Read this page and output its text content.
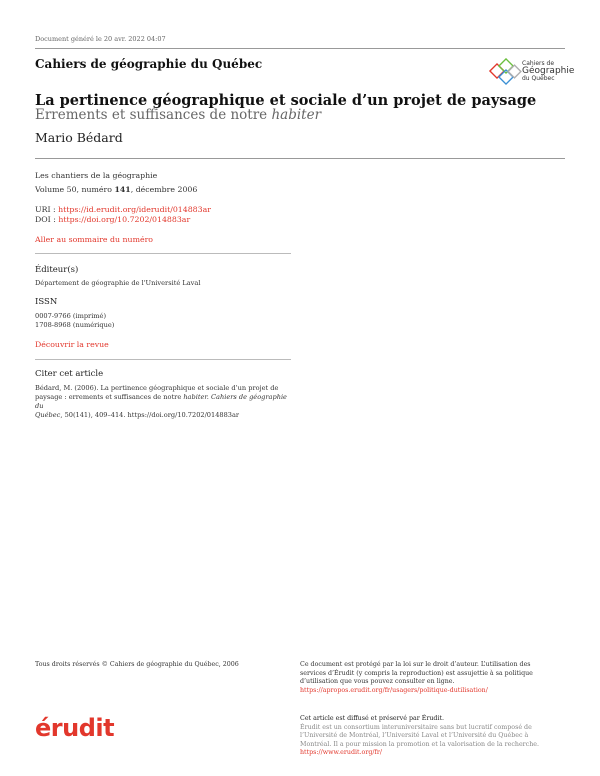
Document généré le 20 avr. 2022 04:07
Cahiers de géographie du Québec	Cahiers de
Géographie
du Québec
La pertinence géographique et sociale d’un projet de paysage
Errements et suffisances de notre habiter
Mario Bédard
Les chantiers de la géographie
Volume 50, numéro 141, décembre 2006
URI : https://id.erudit.org/iderudit/014883ar
DOI : https://doi.org/10.7202/014883ar
Aller au sommaire du numéro
Éditeur(s)
Département de géographie de l'Université Laval
ISSN
0007-9766 (imprimé)
1708-8968 (numérique)
Découvrir la revue
Citer cet article
Bédard, M. (2006). La pertinence géographique et sociale d’un projet de
paysage : errements et suffisances de notre habiter. Cahiers de géographie du
Québec, 50(141), 409–414. https://doi.org/10.7202/014883ar
Tous droits réservés © Cahiers de géographie du Québec, 2006	Ce document est protégé par la loi sur le droit d’auteur. L’utilisation des
services d’Érudit (y compris la reproduction) est assujettie à sa politique
d’utilisation que vous pouvez consulter en ligne.
https://apropos.erudit.org/fr/usagers/politique-dutilisation/
érudit	Cet article est diffusé et préservé par Érudit.
Érudit est un consortium interuniversitaire sans but lucratif composé de
l’Université de Montréal, l’Université Laval et l’Université du Québec à
Montréal. Il a pour mission la promotion et la valorisation de la recherche.
https://www.erudit.org/fr/
